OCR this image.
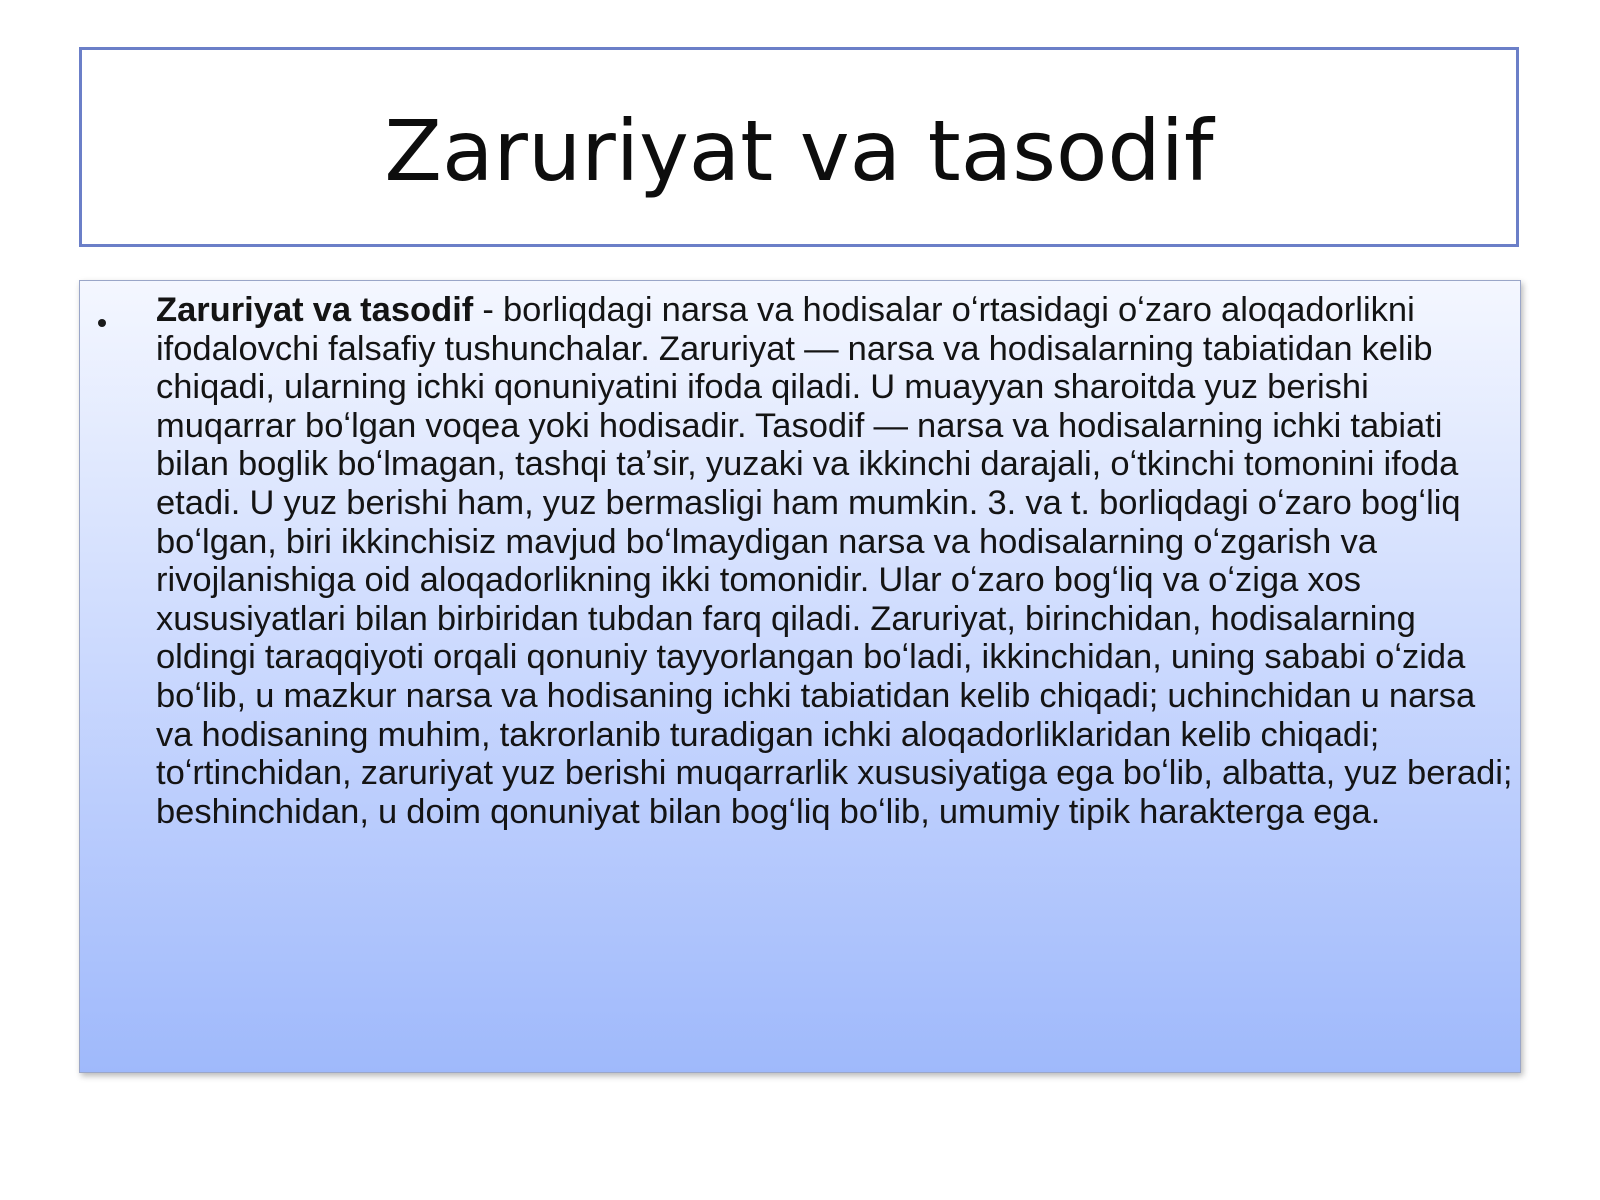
Zaruriyat va tasodif

Zaruriyat va tasodif - borliqdagi narsa va hodisalar oʻrtasidagi oʻzaro aloqadorlikni ifodalovchi falsafiy tushunchalar. Zaruriyat — narsa va hodisalarning tabiatidan kelib chiqadi, ularning ichki qonuniyatini ifoda qiladi. U muayyan sharoitda yuz berishi muqarrar boʻlgan voqea yoki hodisadir. Tasodif — narsa va hodisalarning ichki tabiati bilan boglik boʻlmagan, tashqi taʼsir, yuzaki va ikkinchi darajali, oʻtkinchi tomonini ifoda etadi. U yuz berishi ham, yuz bermasligi ham mumkin. 3. va t. borliqdagi oʻzaro bogʻliq boʻlgan, biri ikkinchisiz mavjud boʻlmaydigan narsa va hodisalarning oʻzgarish va rivojlanishiga oid aloqadorlikning ikki tomonidir. Ular oʻzaro bogʻliq va oʻziga xos xususiyatlari bilan birbiridan tubdan farq qiladi. Zaruriyat, birinchidan, hodisalarning oldingi taraqqiyoti orqali qonuniy tayyorlangan boʻladi, ikkinchidan, uning sababi oʻzida boʻlib, u mazkur narsa va hodisaning ichki tabiatidan kelib chiqadi; uchinchidan u narsa va hodisaning muhim, takrorlanib turadigan ichki aloqadorliklaridan kelib chiqadi; toʻrtinchidan, zaruriyat yuz berishi muqarrarlik xususiyatiga ega boʻlib, albatta, yuz beradi; beshinchidan, u doim qonuniyat bilan bogʻliq boʻlib, umumiy tipik harakterga ega.
